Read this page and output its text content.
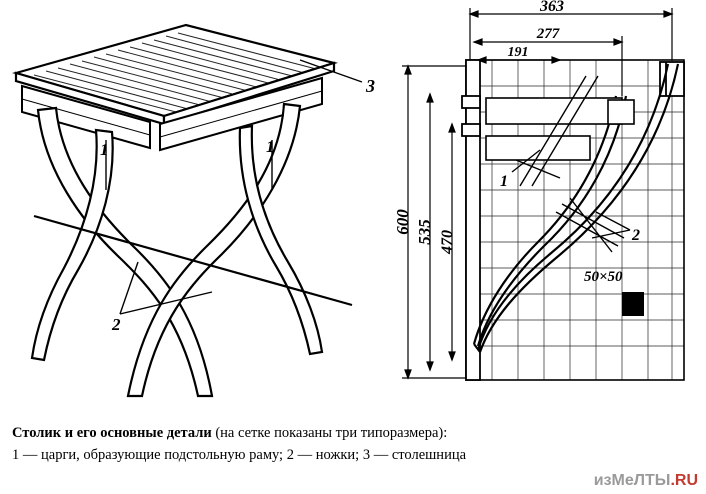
1	1
2
3
50×50
1
2
363
277
191
600 535 470
Столик и его основные детали (на сетке показаны три типоразмера):
1 — царги, образующие подстольную раму; 2 — ножки; 3 — столешница
изМеЛТЫ.RU
